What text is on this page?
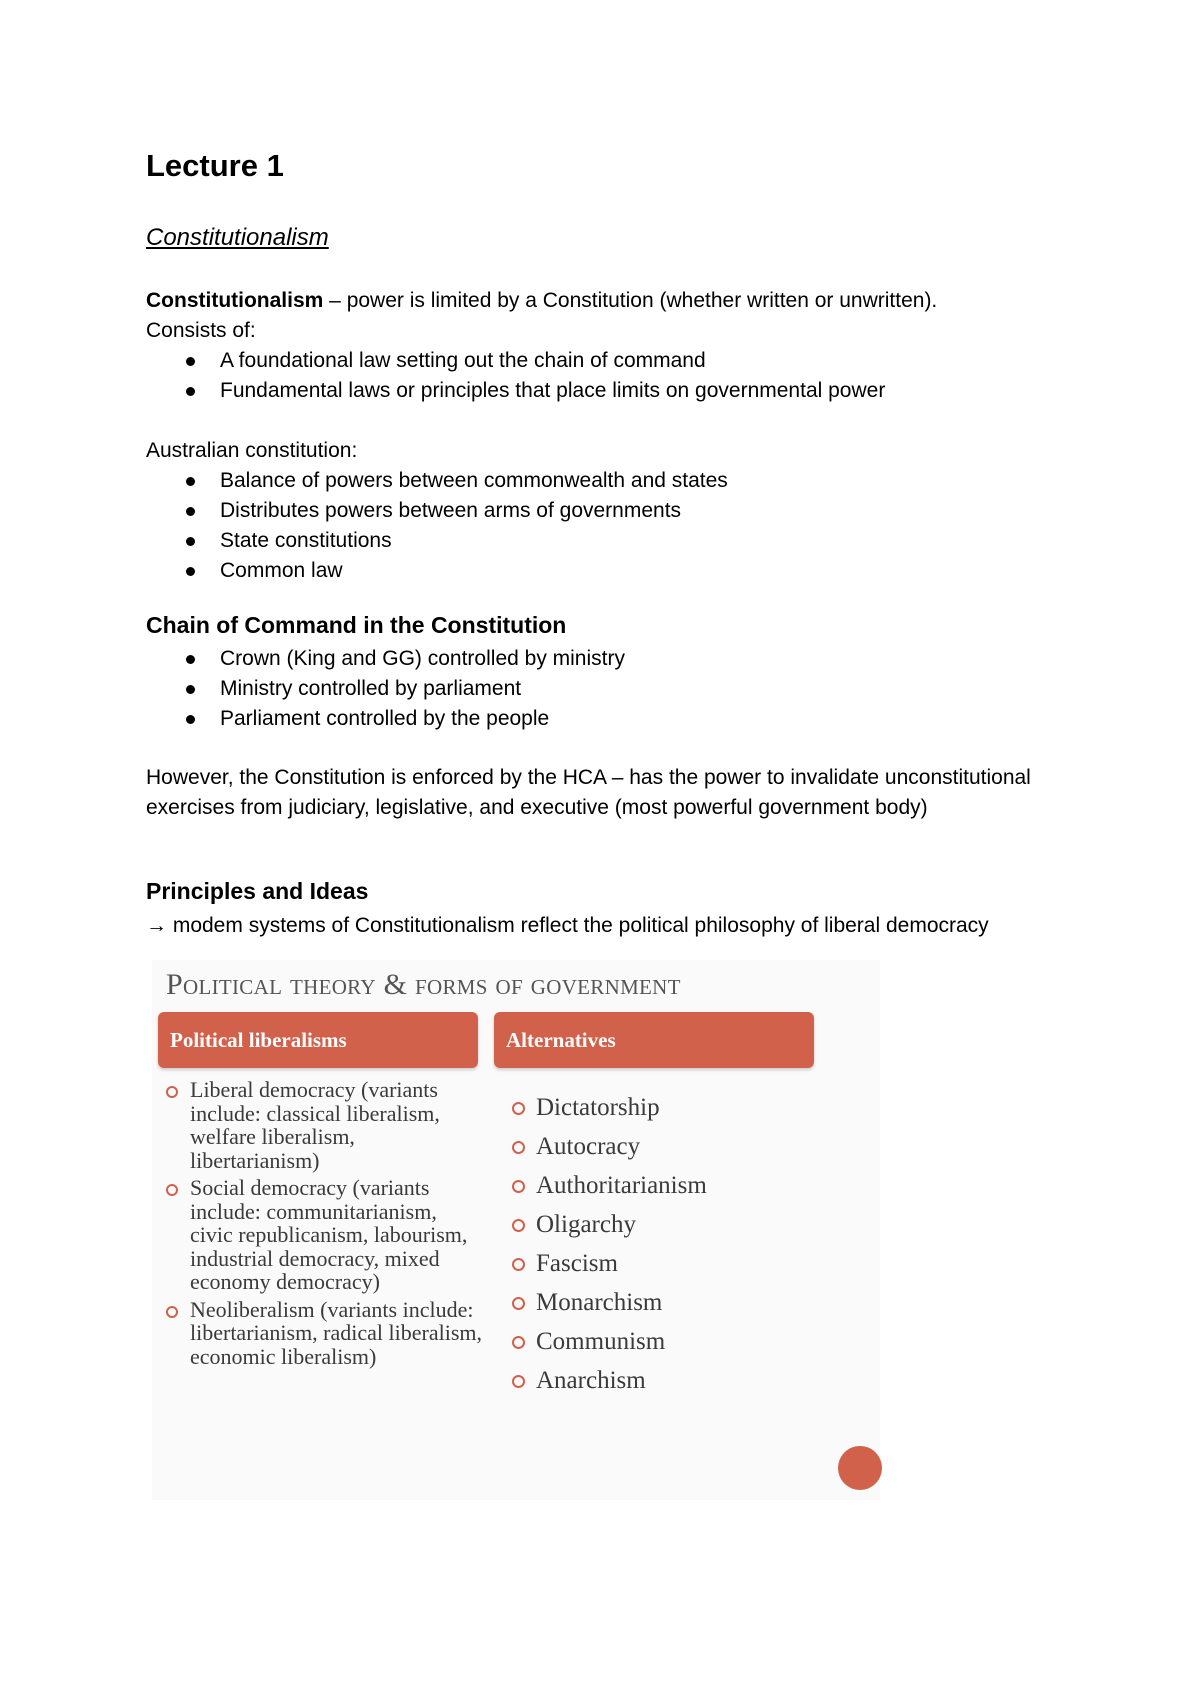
Lecture 1
Constitutionalism
Constitutionalism – power is limited by a Constitution (whether written or unwritten).
Consists of:
A foundational law setting out the chain of command
Fundamental laws or principles that place limits on governmental power
Australian constitution:
Balance of powers between commonwealth and states
Distributes powers between arms of governments
State constitutions
Common law
Chain of Command in the Constitution
Crown (King and GG) controlled by ministry
Ministry controlled by parliament
Parliament controlled by the people

However, the Constitution is enforced by the HCA – has the power to invalidate unconstitutional exercises from judiciary, legislative, and executive (most powerful government body)

Principles and Ideas

→ modem systems of Constitutionalism reflect the political philosophy of liberal democracy

Political theory & forms of government
Political liberalisms	Alternatives
Liberal democracy (variants include: classical liberalism, welfare liberalism, libertarianism)
Social democracy (variants include: communitarianism, civic republicanism, labourism, industrial democracy, mixed economy democracy)
Neoliberalism (variants include: libertarianism, radical liberalism, economic liberalism)
Dictatorship
Autocracy
Authoritarianism
Oligarchy
Fascism
Monarchism
Communism
Anarchism
